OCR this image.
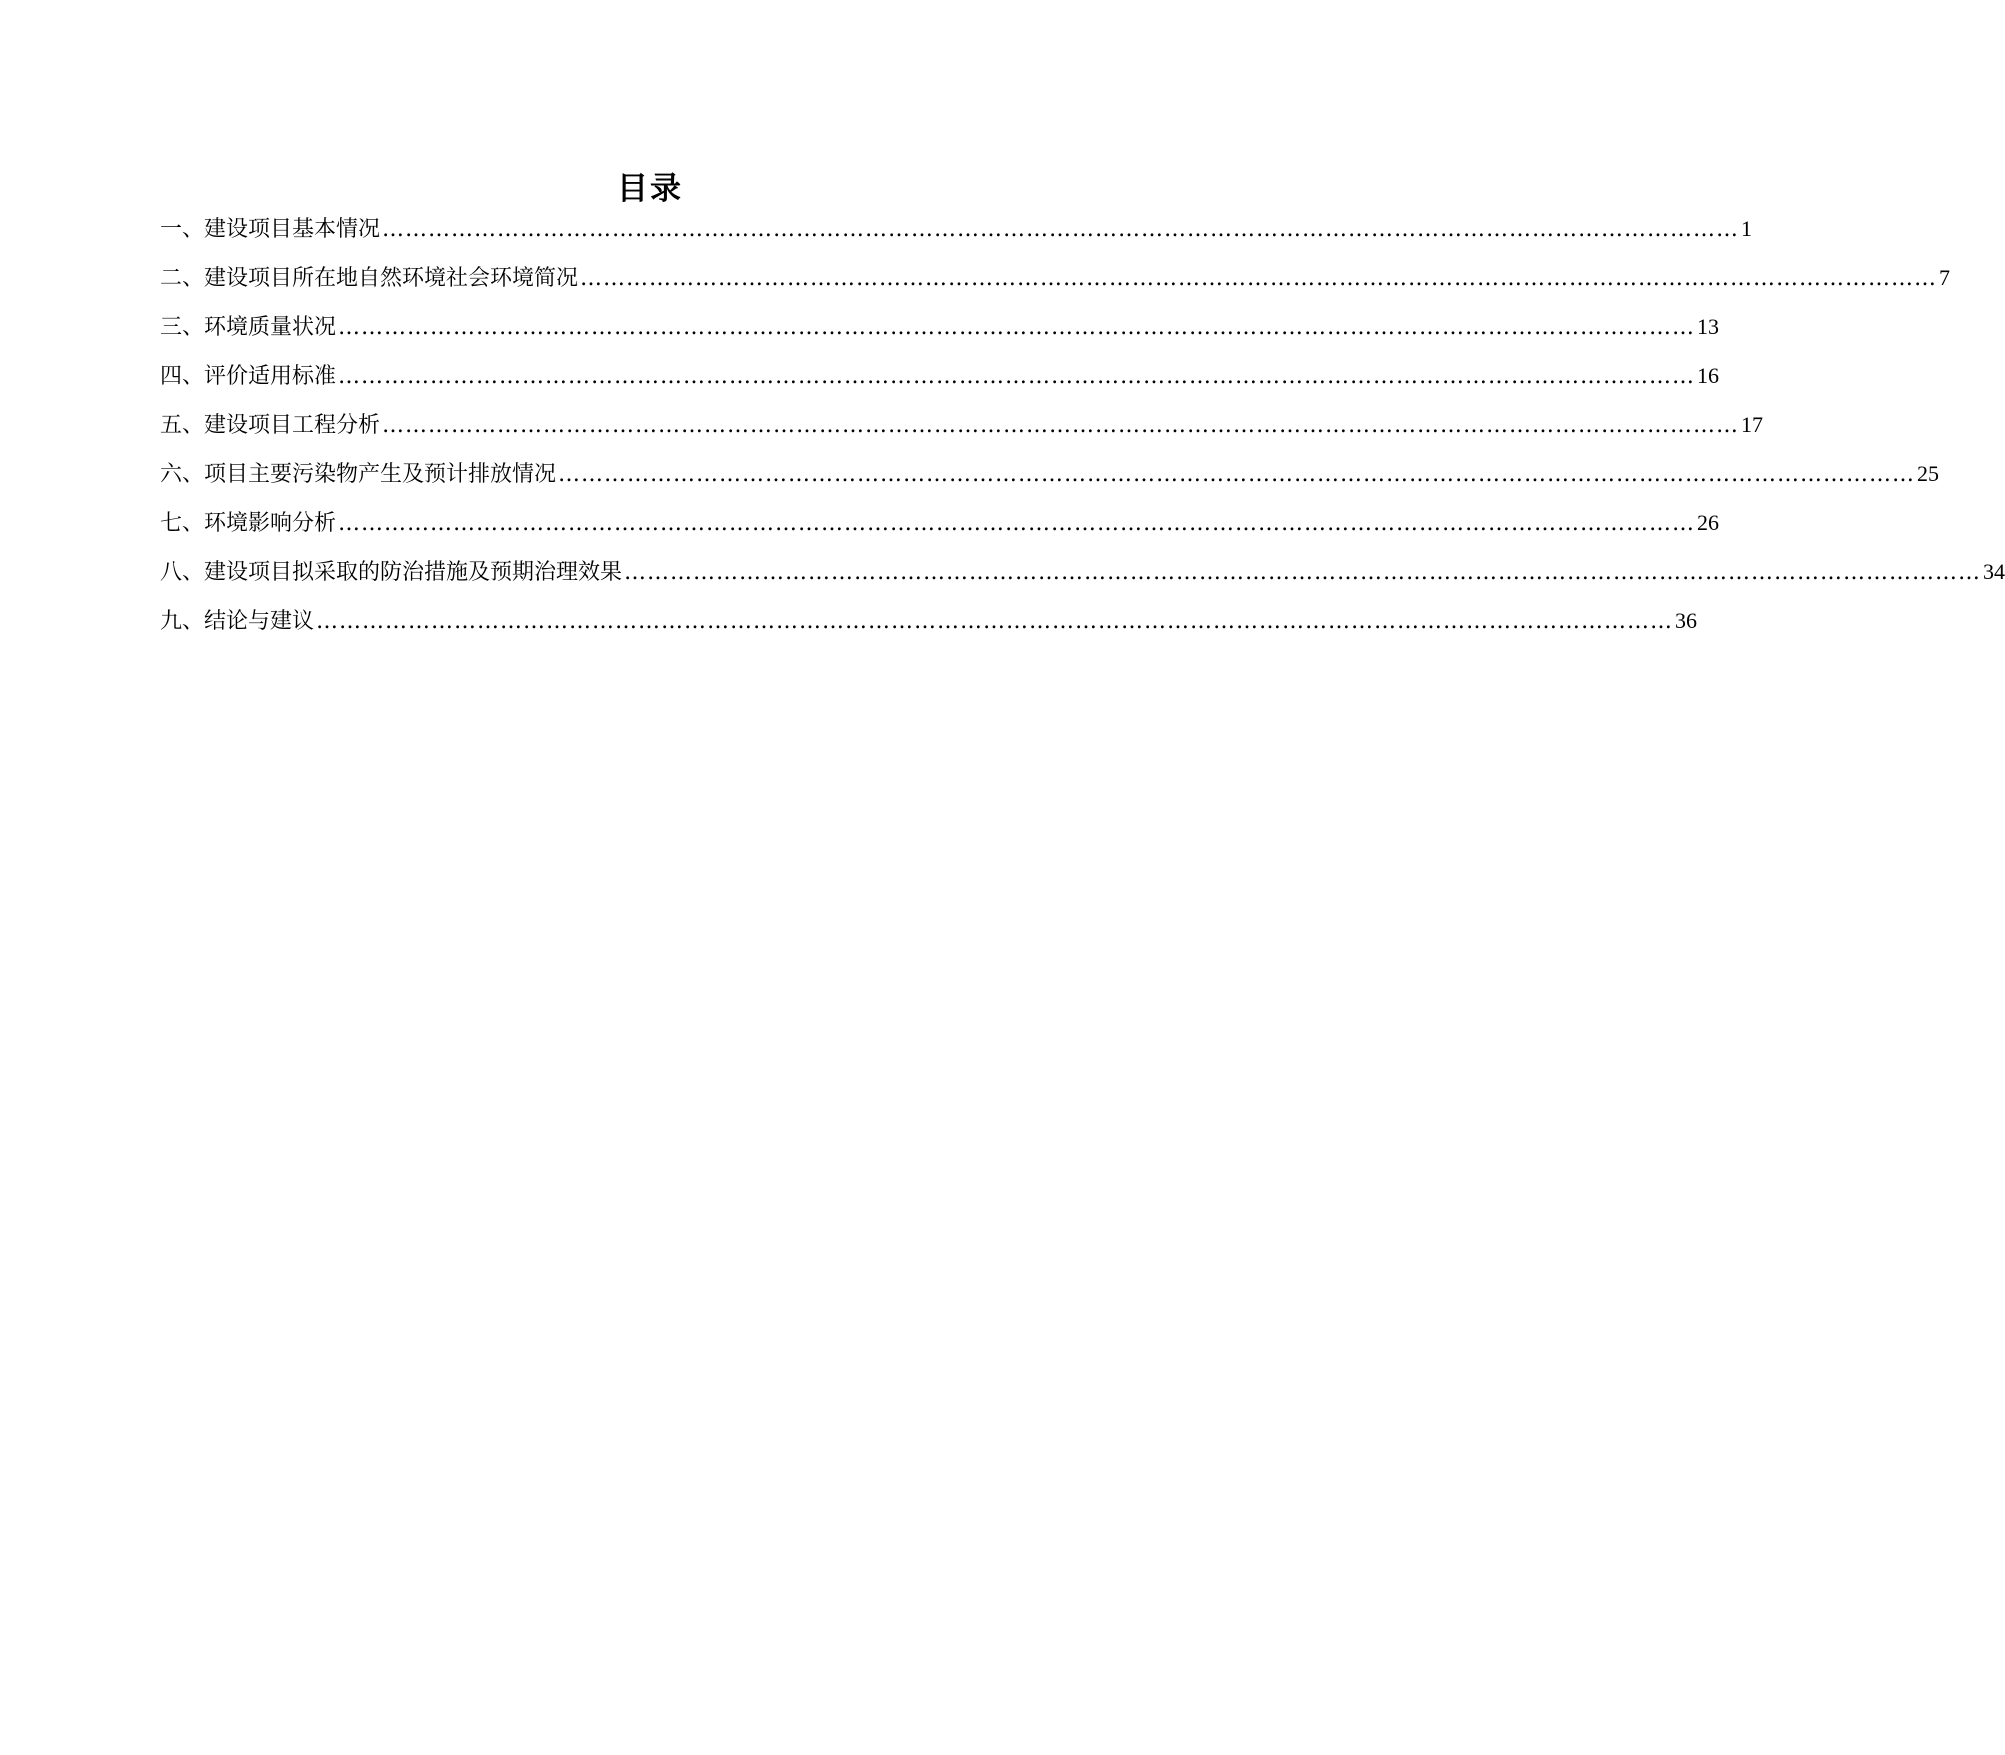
目录
一、 建设项目基本情况 …………………………………………………………………………………………………………………………………………………………… 1
二、 建设项目所在地自然环境社会环境简况 …………………………………………………………………………………………………………………………………………………………… 7
三、 环境质量状况 …………………………………………………………………………………………………………………………………………………………… 13
四、 评价适用标准 …………………………………………………………………………………………………………………………………………………………… 16
五、 建设项目工程分析 …………………………………………………………………………………………………………………………………………………………… 17
六、 项目主要污染物产生及预计排放情况 …………………………………………………………………………………………………………………………………………………………… 25
七、 环境影响分析 …………………………………………………………………………………………………………………………………………………………… 26
八、 建设项目拟采取的防治措施及预期治理效果 …………………………………………………………………………………………………………………………………………………………… 34
九、 结论与建议 …………………………………………………………………………………………………………………………………………………………… 36
